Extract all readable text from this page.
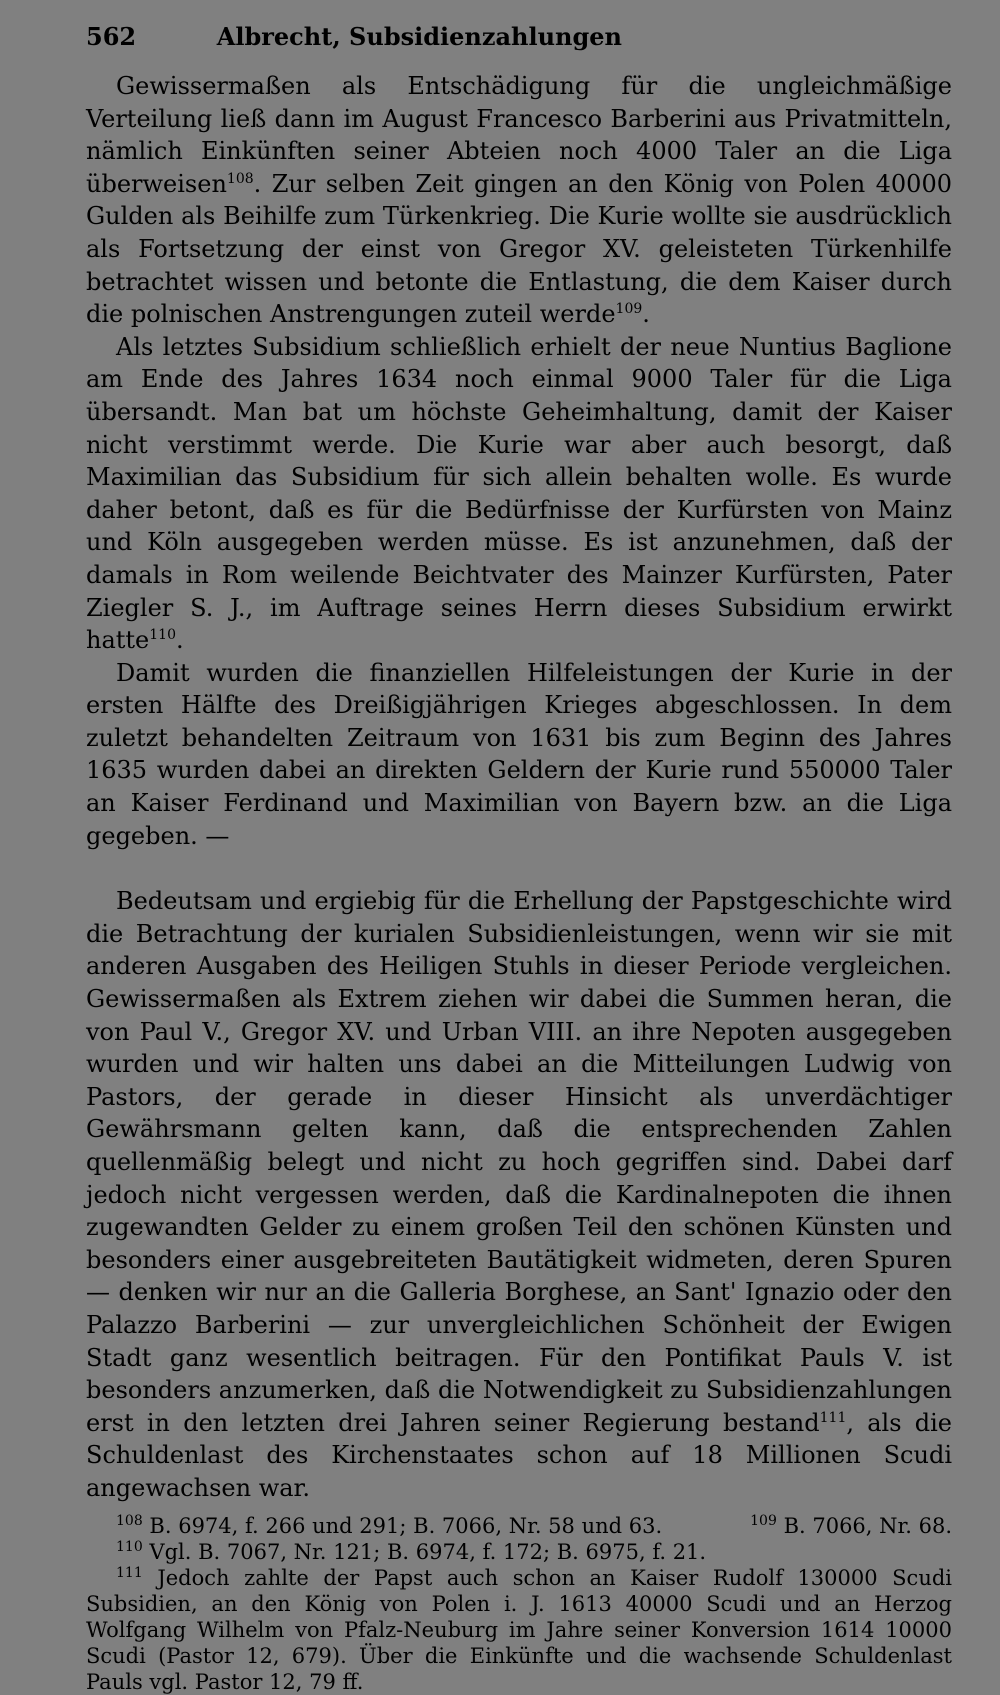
562	Albrecht, Subsidienzahlungen

Gewissermaßen als Entschädigung für die ungleichmäßige Verteilung ließ dann im August Francesco Barberini aus Privatmitteln, nämlich Einkünften seiner Abteien noch 4000 Taler an die Liga überweisen$^{108}$. Zur selben Zeit gingen an den König von Polen 40000 Gulden als Beihilfe zum Türkenkrieg. Die Kurie wollte sie ausdrücklich als Fortsetzung der einst von Gregor XV. geleisteten Türkenhilfe betrachtet wissen und betonte die Entlastung, die dem Kaiser durch die polnischen Anstrengungen zuteil werde$^{109}$.

Als letztes Subsidium schließlich erhielt der neue Nuntius Baglione am Ende des Jahres 1634 noch einmal 9000 Taler für die Liga übersandt. Man bat um höchste Geheimhaltung, damit der Kaiser nicht verstimmt werde. Die Kurie war aber auch besorgt, daß Maximilian das Subsidium für sich allein behalten wolle. Es wurde daher betont, daß es für die Bedürfnisse der Kurfürsten von Mainz und Köln ausgegeben werden müsse. Es ist anzunehmen, daß der damals in Rom weilende Beichtvater des Mainzer Kurfürsten, Pater Ziegler S. J., im Auftrage seines Herrn dieses Subsidium erwirkt hatte$^{110}$.

Damit wurden die finanziellen Hilfeleistungen der Kurie in der ersten Hälfte des Dreißigjährigen Krieges abgeschlossen. In dem zuletzt behandelten Zeitraum von 1631 bis zum Beginn des Jahres 1635 wurden dabei an direkten Geldern der Kurie rund 550000 Taler an Kaiser Ferdinand und Maximilian von Bayern bzw. an die Liga gegeben. —

Bedeutsam und ergiebig für die Erhellung der Papstgeschichte wird die Betrachtung der kurialen Subsidienleistungen, wenn wir sie mit anderen Ausgaben des Heiligen Stuhls in dieser Periode vergleichen. Gewissermaßen als Extrem ziehen wir dabei die Summen heran, die von Paul V., Gregor XV. und Urban VIII. an ihre Nepoten ausgegeben wurden und wir halten uns dabei an die Mitteilungen Ludwig von Pastors, der gerade in dieser Hinsicht als unverdächtiger Gewährsmann gelten kann, daß die entsprechenden Zahlen quellenmäßig belegt und nicht zu hoch gegriffen sind. Dabei darf jedoch nicht vergessen werden, daß die Kardinalnepoten die ihnen zugewandten Gelder zu einem großen Teil den schönen Künsten und besonders einer ausgebreiteten Bautätigkeit widmeten, deren Spuren — denken wir nur an die Galleria Borghese, an Sant' Ignazio oder den Palazzo Barberini — zur unvergleichlichen Schönheit der Ewigen Stadt ganz wesentlich beitragen. Für den Pontifikat Pauls V. ist besonders anzumerken, daß die Notwendigkeit zu Subsidienzahlungen erst in den letzten drei Jahren seiner Regierung bestand$^{111}$, als die Schuldenlast des Kirchenstaates schon auf 18 Millionen Scudi angewachsen war.

$^{108}$ B. 6974, f. 266 und 291; B. 7066, Nr. 58 und 63.	$^{109}$ B. 7066, Nr. 68.
$^{110}$ Vgl. B. 7067, Nr. 121; B. 6974, f. 172; B. 6975, f. 21.
$^{111}$ Jedoch zahlte der Papst auch schon an Kaiser Rudolf 130000 Scudi Subsidien, an den König von Polen i. J. 1613 40000 Scudi und an Herzog Wolfgang Wilhelm von Pfalz-Neuburg im Jahre seiner Konversion 1614 10000 Scudi (Pastor 12, 679). Über die Einkünfte und die wachsende Schuldenlast Pauls vgl. Pastor 12, 79 ff.
